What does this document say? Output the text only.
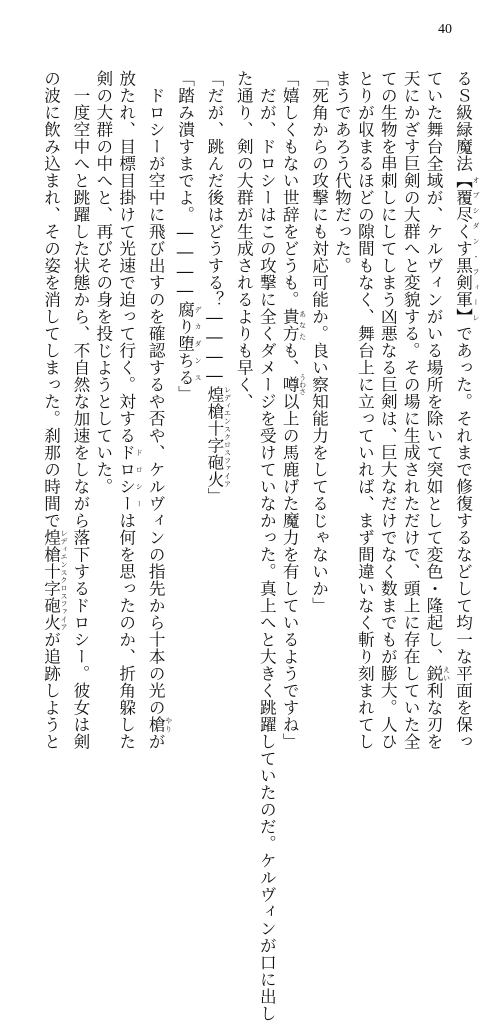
40

るＳ級緑魔法【覆尽くす黒剣軍】 オブシダン・フィーレであった。それまで修復するなどして均一な平面を保っ

ていた舞台全域が、ケルヴィンがいる場所を除いて突如として変色・隆起し、鋭 えい利な刃を

天にかざす巨剣の大群へと変貌する。その場に生成されただけで、頭上に存在していた全

ての生物を串刺しにしてしまう凶悪なる巨剣は、巨大なだけでなく数までもが膨大。人ひ

とりが収まるほどの隙間もなく、舞台上に立っていれば、まず間違いなく斬り刻まれてし

まうであろう代物だった。

「死角からの攻撃にも対応可能か。良い察知能力をしてるじゃないか」

「嬉しくもない世辞をどうも。貴方 あなたも、噂 うわさ以上の馬鹿げた魔力を有しているようですね」

　だが、ドロシーはこの攻撃に全くダメージを受けていなかった。真上へと大きく跳躍していたのだ。ケルヴィンが口に出し

た通り、剣の大群が生成されるよりも早く、

「だが、跳んだ後はどうする？――――煌槍十字砲火 レディエンスクロスファイア」

「踏み潰すまでよ。――――腐り堕ちる デカダンス」

　ドロシーが空中に飛び出すのを確認するや否や、ケルヴィンの指先から十本の光の槍 やりが

放たれ、目標目掛けて光速で迫って行く。対するドロシー ドロシーは何を思ったのか、折角躱した

剣の大群の中へと、再びその身を投じようとしていた。

　一度空中へと跳躍した状態から、不自然な加速をしながら落下するドロシー。彼女は剣

の波に飲み込まれ、その姿を消してしまった。刹那の時間で煌槍十字砲火 レディエンスクロスファイアが追跡しようと
